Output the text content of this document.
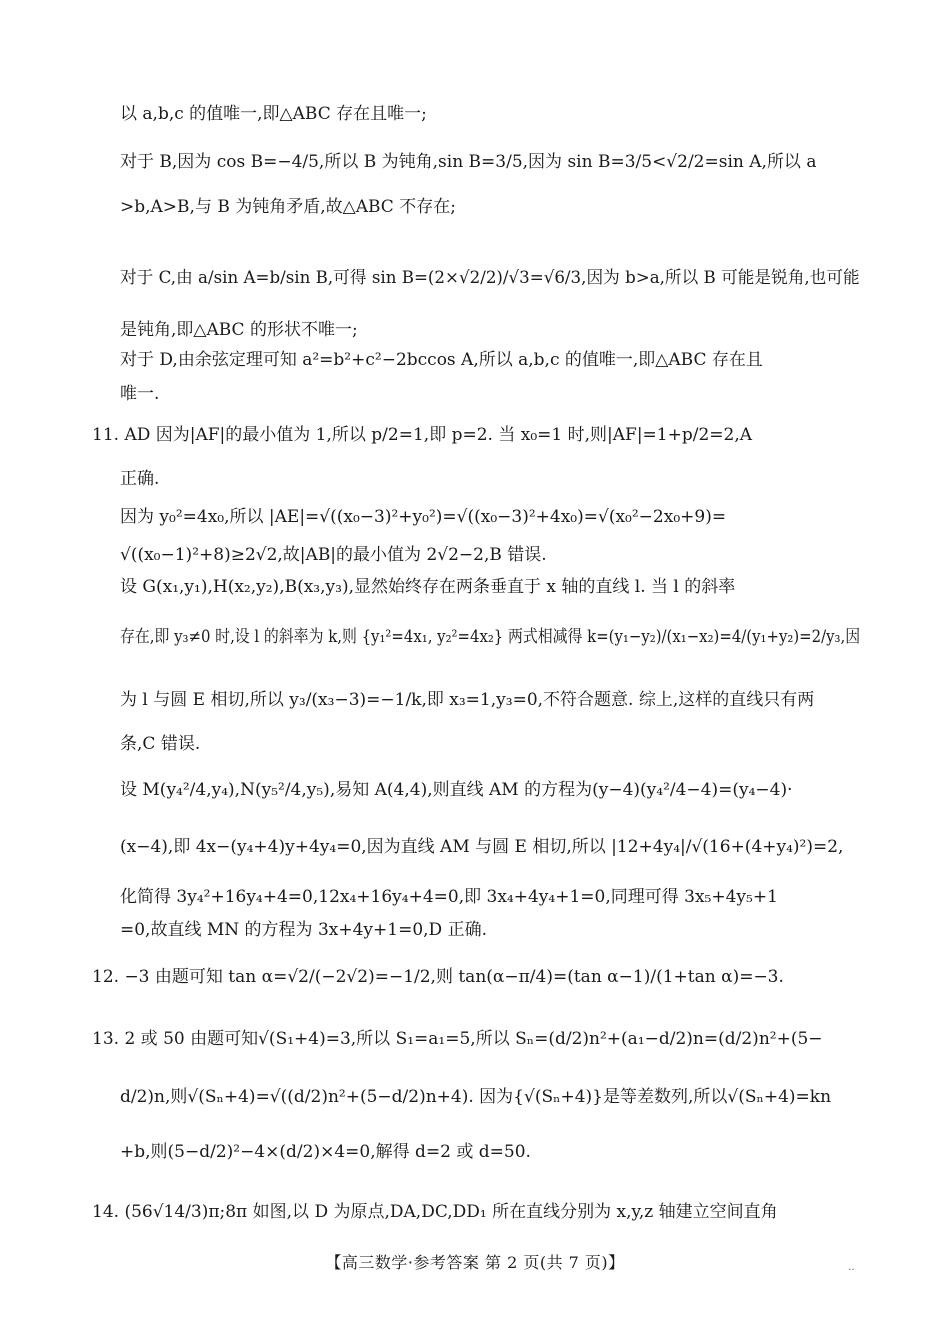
以 a,b,c 的值唯一,即△ABC 存在且唯一;
对于 B,因为 cos B=−4/5,所以 B 为钝角,sin B=3/5,因为 sin B=3/5<√2/2=sin A,所以 a
>b,A>B,与 B 为钝角矛盾,故△ABC 不存在;
对于 C,由 a/sin A=b/sin B,可得 sin B=(2×√2/2)/√3=√6/3,因为 b>a,所以 B 可能是锐角,也可能
是钝角,即△ABC 的形状不唯一;
对于 D,由余弦定理可知 a²=b²+c²−2bccos A,所以 a,b,c 的值唯一,即△ABC 存在且
唯一.
11. AD 因为|AF|的最小值为 1,所以 p/2=1,即 p=2. 当 x₀=1 时,则|AF|=1+p/2=2,A
正确.
因为 y₀²=4x₀,所以 |AE|=√((x₀−3)²+y₀²)=√((x₀−3)²+4x₀)=√(x₀²−2x₀+9)=
√((x₀−1)²+8)≥2√2,故|AB|的最小值为 2√2−2,B 错误.
设 G(x₁,y₁),H(x₂,y₂),B(x₃,y₃),显然始终存在两条垂直于 x 轴的直线 l. 当 l 的斜率
存在,即 y₃≠0 时,设 l 的斜率为 k,则 {y₁²=4x₁, y₂²=4x₂} 两式相减得 k=(y₁−y₂)/(x₁−x₂)=4/(y₁+y₂)=2/y₃,因
为 l 与圆 E 相切,所以 y₃/(x₃−3)=−1/k,即 x₃=1,y₃=0,不符合题意. 综上,这样的直线只有两
条,C 错误.
设 M(y₄²/4,y₄),N(y₅²/4,y₅),易知 A(4,4),则直线 AM 的方程为(y−4)(y₄²/4−4)=(y₄−4)·
(x−4),即 4x−(y₄+4)y+4y₄=0,因为直线 AM 与圆 E 相切,所以 |12+4y₄|/√(16+(4+y₄)²)=2,
化简得 3y₄²+16y₄+4=0,12x₄+16y₄+4=0,即 3x₄+4y₄+1=0,同理可得 3x₅+4y₅+1
=0,故直线 MN 的方程为 3x+4y+1=0,D 正确.
12. −3 由题可知 tan α=√2/(−2√2)=−1/2,则 tan(α−π/4)=(tan α−1)/(1+tan α)=−3.
13. 2 或 50 由题可知√(S₁+4)=3,所以 S₁=a₁=5,所以 Sₙ=(d/2)n²+(a₁−d/2)n=(d/2)n²+(5−
d/2)n,则√(Sₙ+4)=√((d/2)n²+(5−d/2)n+4). 因为{√(Sₙ+4)}是等差数列,所以√(Sₙ+4)=kn
+b,则(5−d/2)²−4×(d/2)×4=0,解得 d=2 或 d=50.
14. (56√14/3)π;8π 如图,以 D 为原点,DA,DC,DD₁ 所在直线分别为 x,y,z 轴建立空间直角
【高三数学·参考答案 第 2 页(共 7 页)】	‥
